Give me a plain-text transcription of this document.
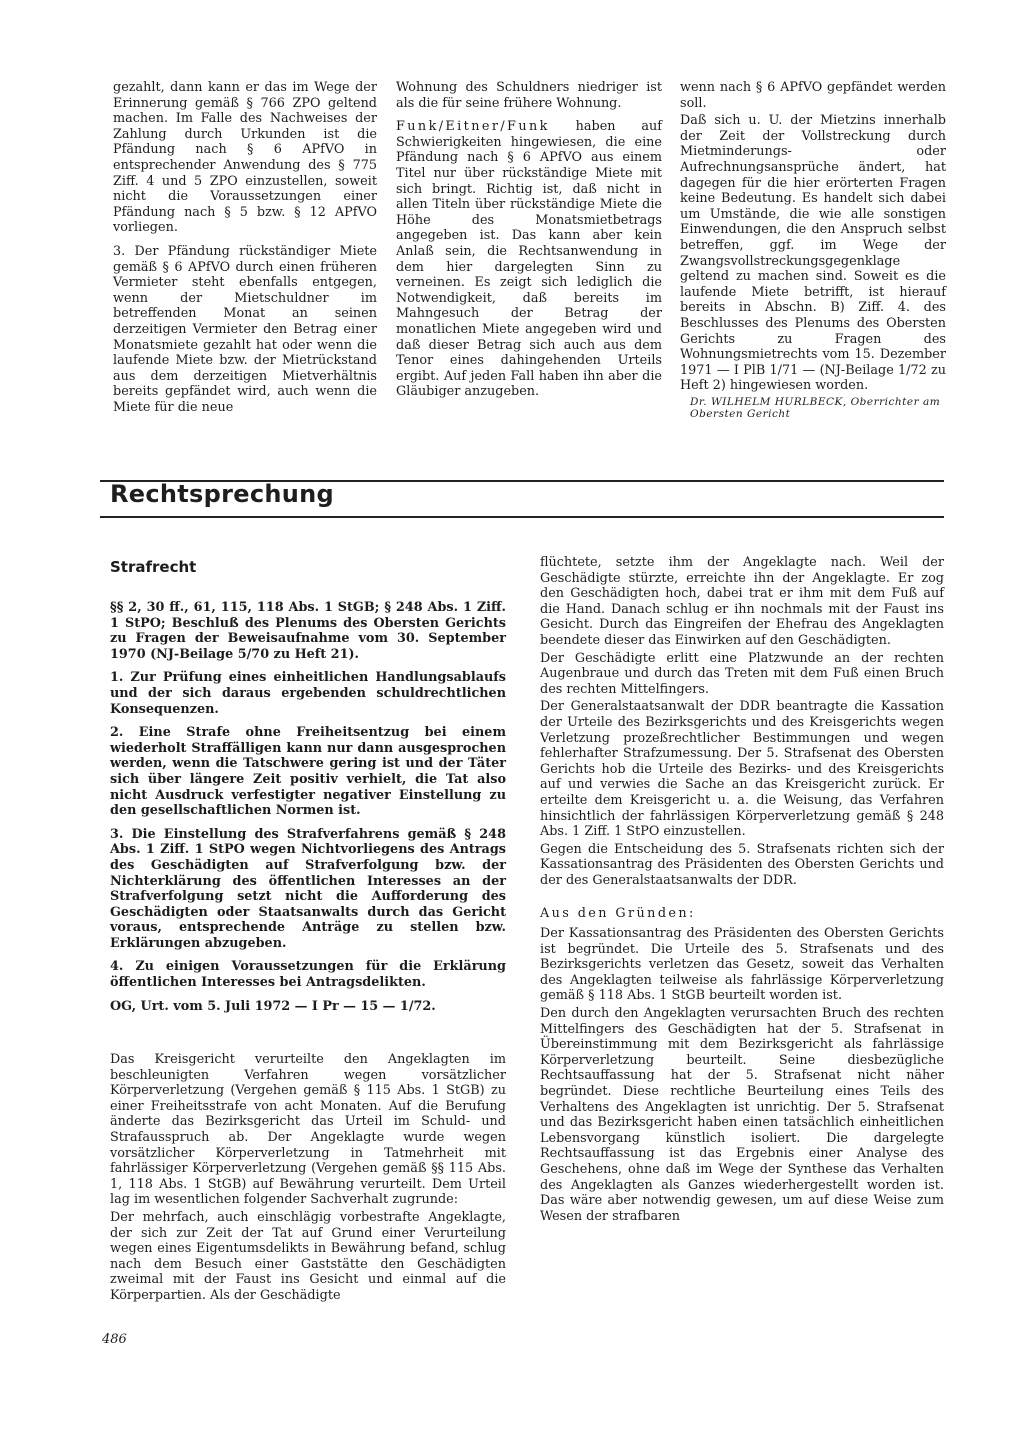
gezahlt, dann kann er das im Wege der Erinnerung gemäß § 766 ZPO geltend machen. Im Falle des Nachweises der Zahlung durch Urkunden ist die Pfändung nach § 6 APfVO in entsprechender Anwendung des § 775 Ziff. 4 und 5 ZPO einzustellen, soweit nicht die Voraussetzungen einer Pfändung nach § 5 bzw. § 12 APfVO vorliegen.

3. Der Pfändung rückständiger Miete gemäß § 6 APfVO durch einen früheren Vermieter steht ebenfalls entgegen, wenn der Mietschuldner im betreffenden Monat an seinen derzeitigen Vermieter den Betrag einer Monatsmiete gezahlt hat oder wenn die laufende Miete bzw. der Mietrückstand aus dem derzeitigen Mietverhältnis bereits gepfändet wird, auch wenn die Miete für die neue

Wohnung des Schuldners niedriger ist als die für seine frühere Wohnung.

Funk/Eitner/Funk haben auf Schwierigkeiten hingewiesen, die eine Pfändung nach § 6 APfVO aus einem Titel nur über rückständige Miete mit sich bringt. Richtig ist, daß nicht in allen Titeln über rückständige Miete die Höhe des Monatsmietbetrags angegeben ist. Das kann aber kein Anlaß sein, die Rechtsanwendung in dem hier dargelegten Sinn zu verneinen. Es zeigt sich lediglich die Notwendigkeit, daß bereits im Mahngesuch der Betrag der monatlichen Miete angegeben wird und daß dieser Betrag sich auch aus dem Tenor eines dahingehenden Urteils ergibt. Auf jeden Fall haben ihn aber die Gläubiger anzugeben.

wenn nach § 6 APfVO gepfändet werden soll.

Daß sich u. U. der Mietzins innerhalb der Zeit der Vollstreckung durch Mietminderungs- oder Aufrechnungsansprüche ändert, hat dagegen für die hier erörterten Fragen keine Bedeutung. Es handelt sich dabei um Umstände, die wie alle sonstigen Einwendungen, die den Anspruch selbst betreffen, ggf. im Wege der Zwangsvollstreckungsgegenklage geltend zu machen sind. Soweit es die laufende Miete betrifft, ist hierauf bereits in Abschn. B) Ziff. 4. des Beschlusses des Plenums des Obersten Gerichts zu Fragen des Wohnungsmietrechts vom 15. Dezember 1971 — I PlB 1/71 — (NJ-Beilage 1/72 zu Heft 2) hingewiesen worden.

Dr. WILHELM HURLBECK, Oberrichter am Obersten Gericht
Rechtsprechung
Strafrecht

§§ 2, 30 ff., 61, 115, 118 Abs. 1 StGB; § 248 Abs. 1 Ziff. 1 StPO; Beschluß des Plenums des Obersten Gerichts zu Fragen der Beweisaufnahme vom 30. September 1970 (NJ-Beilage 5/70 zu Heft 21).

1. Zur Prüfung eines einheitlichen Handlungsablaufs und der sich daraus ergebenden schuldrechtlichen Konsequenzen.

2. Eine Strafe ohne Freiheitsentzug bei einem wiederholt Straffälligen kann nur dann ausgesprochen werden, wenn die Tatschwere gering ist und der Täter sich über längere Zeit positiv verhielt, die Tat also nicht Ausdruck verfestigter negativer Einstellung zu den gesellschaftlichen Normen ist.

3. Die Einstellung des Strafverfahrens gemäß § 248 Abs. 1 Ziff. 1 StPO wegen Nichtvorliegens des Antrags des Geschädigten auf Strafverfolgung bzw. der Nichterklärung des öffentlichen Interesses an der Strafverfolgung setzt nicht die Aufforderung des Geschädigten oder Staatsanwalts durch das Gericht voraus, entsprechende Anträge zu stellen bzw. Erklärungen abzugeben.

4. Zu einigen Voraussetzungen für die Erklärung öffentlichen Interesses bei Antragsdelikten.

OG, Urt. vom 5. Juli 1972 — I Pr — 15 — 1/72.

Das Kreisgericht verurteilte den Angeklagten im beschleunigten Verfahren wegen vorsätzlicher Körperverletzung (Vergehen gemäß § 115 Abs. 1 StGB) zu einer Freiheitsstrafe von acht Monaten. Auf die Berufung änderte das Bezirksgericht das Urteil im Schuld- und Strafausspruch ab. Der Angeklagte wurde wegen vorsätzlicher Körperverletzung in Tatmehrheit mit fahrlässiger Körperverletzung (Vergehen gemäß §§ 115 Abs. 1, 118 Abs. 1 StGB) auf Bewährung verurteilt. Dem Urteil lag im wesentlichen folgender Sachverhalt zugrunde:

Der mehrfach, auch einschlägig vorbestrafte Angeklagte, der sich zur Zeit der Tat auf Grund einer Verurteilung wegen eines Eigentumsdelikts in Bewährung befand, schlug nach dem Besuch einer Gaststätte den Geschädigten zweimal mit der Faust ins Gesicht und einmal auf die Körperpartien. Als der Geschädigte

flüchtete, setzte ihm der Angeklagte nach. Weil der Geschädigte stürzte, erreichte ihn der Angeklagte. Er zog den Geschädigten hoch, dabei trat er ihm mit dem Fuß auf die Hand. Danach schlug er ihn nochmals mit der Faust ins Gesicht. Durch das Eingreifen der Ehefrau des Angeklagten beendete dieser das Einwirken auf den Geschädigten.

Der Geschädigte erlitt eine Platzwunde an der rechten Augenbraue und durch das Treten mit dem Fuß einen Bruch des rechten Mittelfingers.

Der Generalstaatsanwalt der DDR beantragte die Kassation der Urteile des Bezirksgerichts und des Kreisgerichts wegen Verletzung prozeßrechtlicher Bestimmungen und wegen fehlerhafter Strafzumessung. Der 5. Strafsenat des Obersten Gerichts hob die Urteile des Bezirks- und des Kreisgerichts auf und verwies die Sache an das Kreisgericht zurück. Er erteilte dem Kreisgericht u. a. die Weisung, das Verfahren hinsichtlich der fahrlässigen Körperverletzung gemäß § 248 Abs. 1 Ziff. 1 StPO einzustellen.

Gegen die Entscheidung des 5. Strafsenats richten sich der Kassationsantrag des Präsidenten des Obersten Gerichts und der des Generalstaatsanwalts der DDR.

Aus den Gründen:

Der Kassationsantrag des Präsidenten des Obersten Gerichts ist begründet. Die Urteile des 5. Strafsenats und des Bezirksgerichts verletzen das Gesetz, soweit das Verhalten des Angeklagten teilweise als fahrlässige Körperverletzung gemäß § 118 Abs. 1 StGB beurteilt worden ist.

Den durch den Angeklagten verursachten Bruch des rechten Mittelfingers des Geschädigten hat der 5. Strafsenat in Übereinstimmung mit dem Bezirksgericht als fahrlässige Körperverletzung beurteilt. Seine diesbezügliche Rechtsauffassung hat der 5. Strafsenat nicht näher begründet. Diese rechtliche Beurteilung eines Teils des Verhaltens des Angeklagten ist unrichtig. Der 5. Strafsenat und das Bezirksgericht haben einen tatsächlich einheitlichen Lebensvorgang künstlich isoliert. Die dargelegte Rechtsauffassung ist das Ergebnis einer Analyse des Geschehens, ohne daß im Wege der Synthese das Verhalten des Angeklagten als Ganzes wiederhergestellt worden ist. Das wäre aber notwendig gewesen, um auf diese Weise zum Wesen der strafbaren

486
